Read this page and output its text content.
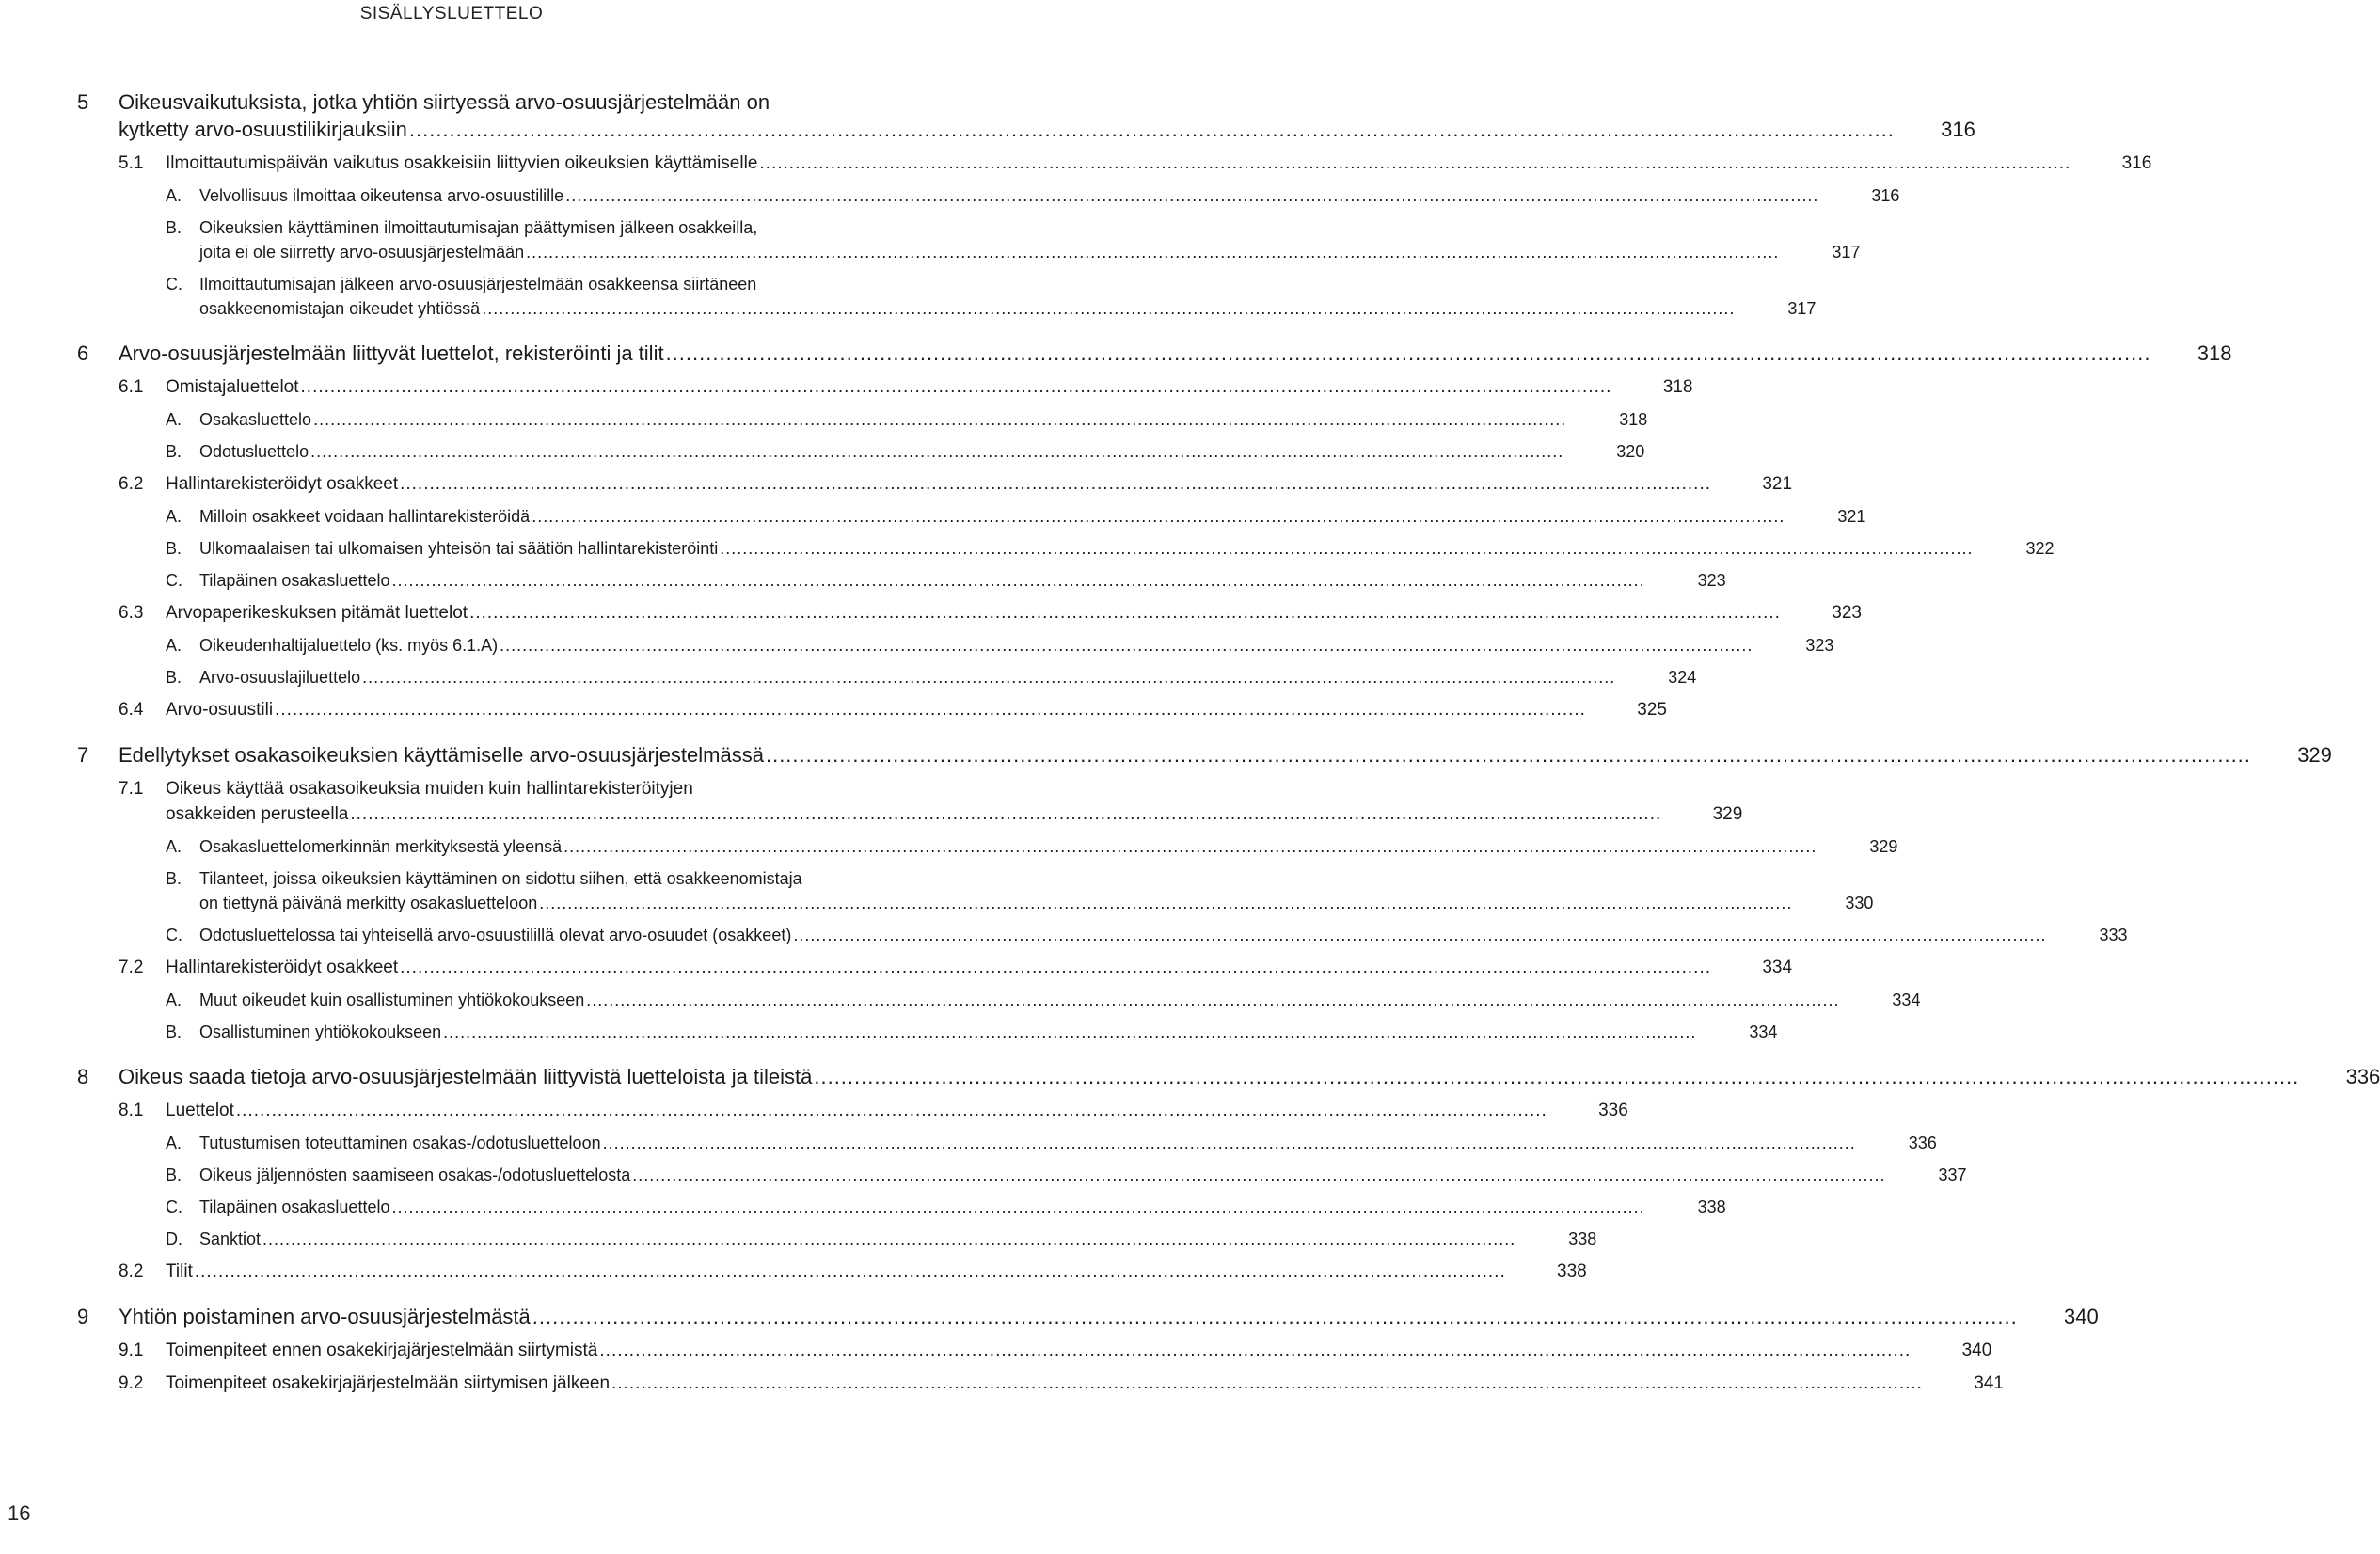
SISÄLLYSLUETTELO
5	Oikeusvaikutuksista, jotka yhtiön siirtyessä arvo-osuusjärjestelmään on
kytketty arvo-osuustilikirjauksiin .....	316
5.1	Ilmoittautumispäivän vaikutus osakkeisiin liittyvien oikeuksien käyttämiselle .....	316
A.	Velvollisuus ilmoittaa oikeutensa arvo-osuustilille .....	316
B.	Oikeuksien käyttäminen ilmoittautumisajan päättymisen jälkeen osakkeilla,
joita ei ole siirretty arvo-osuusjärjestelmään .....	317
C.	Ilmoittautumisajan jälkeen arvo-osuusjärjestelmään osakkeensa siirtäneen
osakkeenomistajan oikeudet yhtiössä .....	317
6	Arvo-osuusjärjestelmään liittyvät luettelot, rekisteröinti ja tilit .....	318
6.1	Omistajaluettelot .....	318
A.	Osakasluettelo .....	318
B.	Odotusluettelo .....	320
6.2	Hallintarekisteröidyt osakkeet .....	321
A.	Milloin osakkeet voidaan hallintarekisteröidä .....	321
B.	Ulkomaalaisen tai ulkomaisen yhteisön tai säätiön hallintarekisteröinti .....	322
C.	Tilapäinen osakasluettelo .....	323
6.3	Arvopaperikeskuksen pitämät luettelot .....	323
A.	Oikeudenhaltijaluettelo (ks. myös 6.1.A) .....	323
B.	Arvo-osuuslajiluettelo .....	324
6.4	Arvo-osuustili .....	325
7	Edellytykset osakasoikeuksien käyttämiselle arvo-osuusjärjestelmässä .....	329
7.1	Oikeus käyttää osakasoikeuksia muiden kuin hallintarekisteröityjen
osakkeiden perusteella .....	329
A.	Osakasluettelomerkinnän merkityksestä yleensä .....	329
B.	Tilanteet, joissa oikeuksien käyttäminen on sidottu siihen, että osakkeenomistaja
on tiettynä päivänä merkitty osakasluetteloon .....	330
C.	Odotusluettelossa tai yhteisellä arvo-osuustilillä olevat arvo-osuudet (osakkeet) .....	333
7.2	Hallintarekisteröidyt osakkeet .....	334
A.	Muut oikeudet kuin osallistuminen yhtiökokoukseen .....	334
B.	Osallistuminen yhtiökokoukseen .....	334
8	Oikeus saada tietoja arvo-osuusjärjestelmään liittyvistä luetteloista ja tileistä .....	336
8.1	Luettelot .....	336
A.	Tutustumisen toteuttaminen osakas-/odotusluetteloon .....	336
B.	Oikeus jäljennösten saamiseen osakas-/odotusluettelosta .....	337
C.	Tilapäinen osakasluettelo .....	338
D.	Sanktiot .....	338
8.2	Tilit .....	338
9	Yhtiön poistaminen arvo-osuusjärjestelmästä .....	340
9.1	Toimenpiteet ennen osakekirjajärjestelmään siirtymistä .....	340
9.2	Toimenpiteet osakekirjajärjestelmään siirtymisen jälkeen .....	341
16
